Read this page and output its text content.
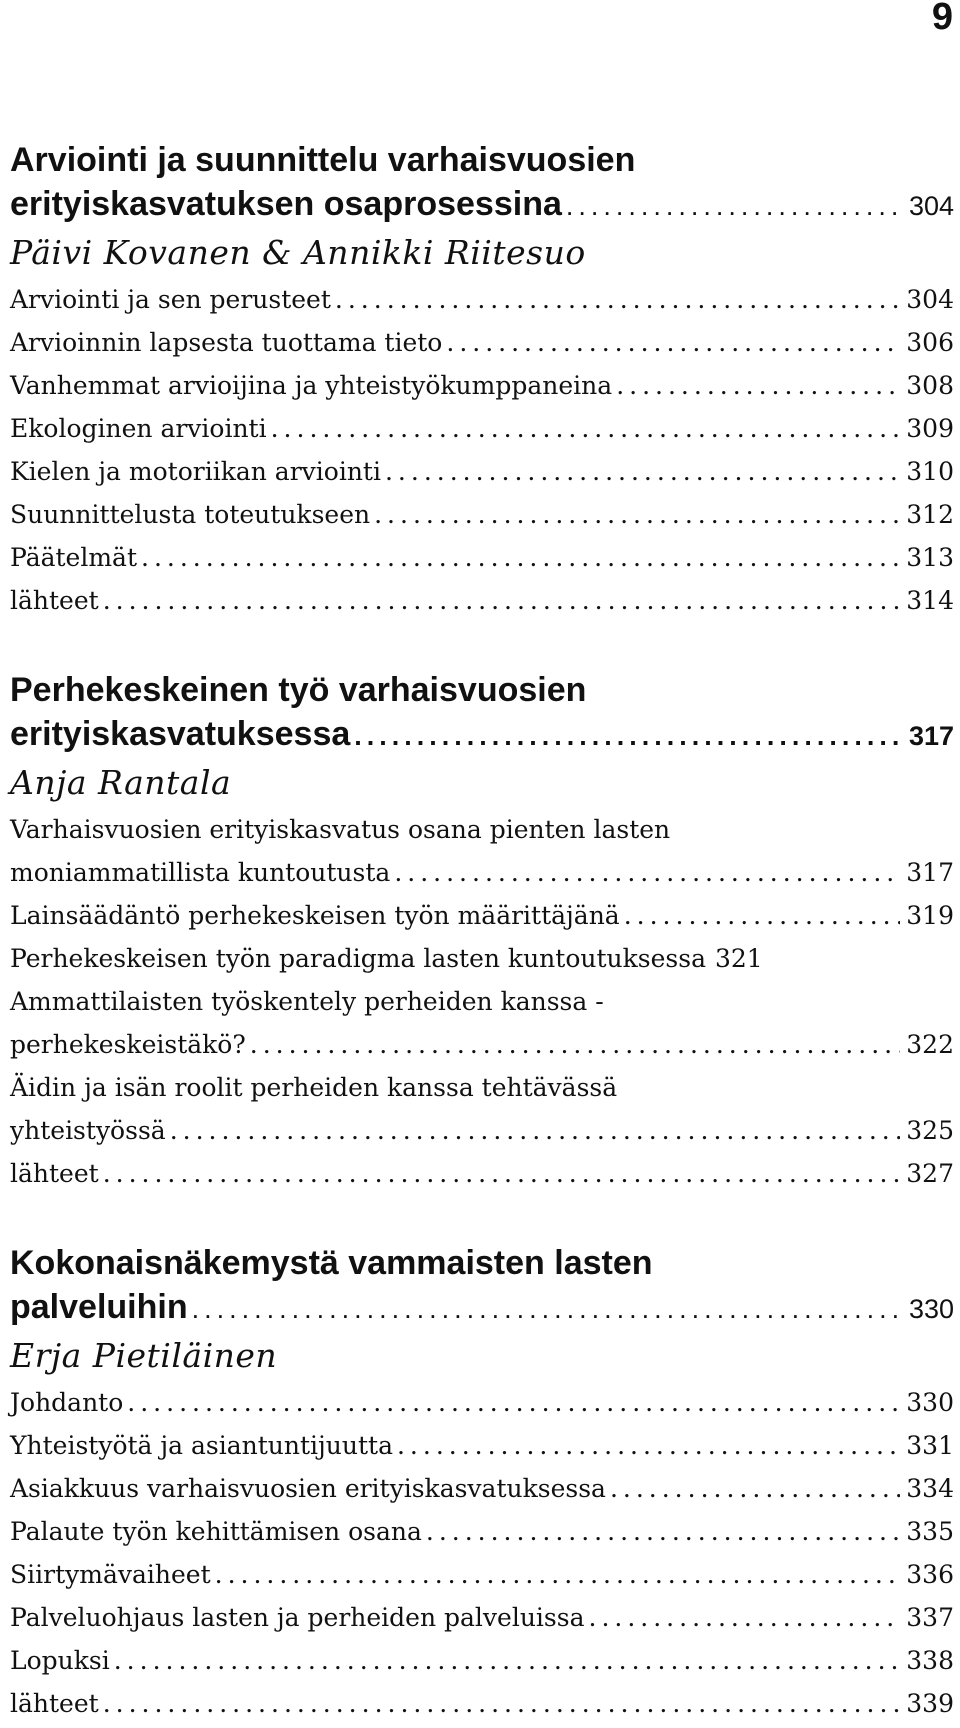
9
Arviointi ja suunnittelu varhaisvuosien
erityiskasvatuksen osaprosessina .....	304
Päivi Kovanen & Annikki Riitesuo
Arviointi ja sen perusteet .....	304
Arvioinnin lapsesta tuottama tieto .....	306
Vanhemmat arvioijina ja yhteistyökumppaneina .....	308
Ekologinen arviointi .....	309
Kielen ja motoriikan arviointi .....	310
Suunnittelusta toteutukseen .....	312
Päätelmät .....	313
lähteet .....	314
Perhekeskeinen työ varhaisvuosien
erityiskasvatuksessa .....	317
Anja Rantala
Varhaisvuosien erityiskasvatus osana pienten lasten
moniammatillista kuntoutusta .....	317
Lainsäädäntö perhekeskeisen työn määrittäjänä .....	319
Perhekeskeisen työn paradigma lasten kuntoutuksessa 321
Ammattilaisten työskentely perheiden kanssa -
perhekeskeistäkö? .....	322
Äidin ja isän roolit perheiden kanssa tehtävässä
yhteistyössä .....	325
lähteet .....	327
Kokonaisnäkemystä vammaisten lasten
palveluihin .....	330
Erja Pietiläinen
Johdanto .....	330
Yhteistyötä ja asiantuntijuutta .....	331
Asiakkuus varhaisvuosien erityiskasvatuksessa .....	334
Palaute työn kehittämisen osana .....	335
Siirtymävaiheet .....	336
Palveluohjaus lasten ja perheiden palveluissa .....	337
Lopuksi .....	338
lähteet .....	339
